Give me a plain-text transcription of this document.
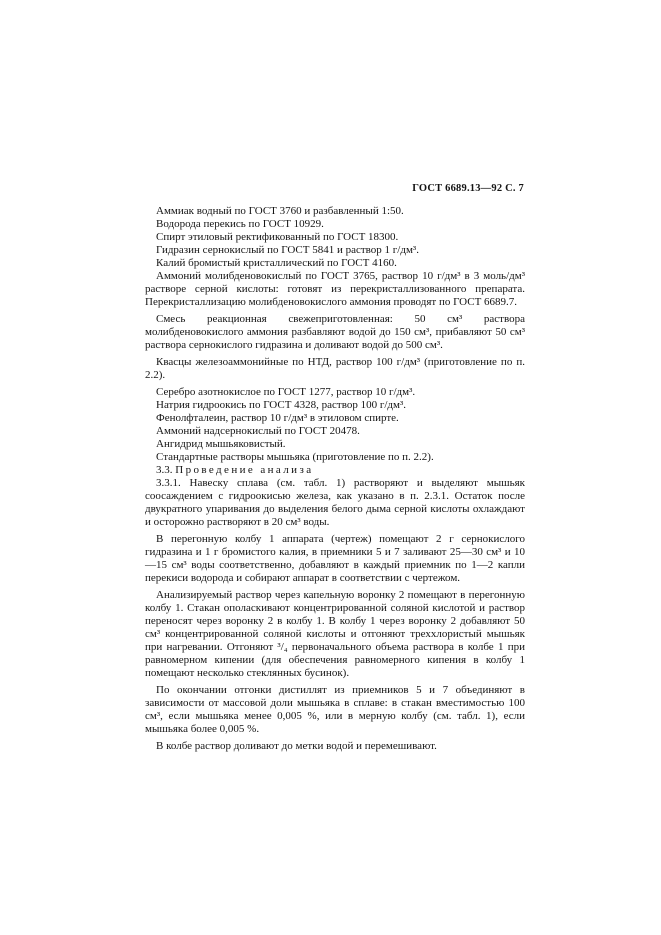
ГОСТ 6689.13—92 С. 7

Аммиак водный по ГОСТ 3760 и разбавленный 1:50.

Водорода перекись по ГОСТ 10929.

Спирт этиловый ректификованный по ГОСТ 18300.

Гидразин сернокислый по ГОСТ 5841 и раствор 1 г/дм³.

Калий бромистый кристаллический по ГОСТ 4160.

Аммоний молибденовокислый по ГОСТ 3765, раствор 10 г/дм³ в 3 моль/дм³ растворе серной кислоты: готовят из перекристаллизованного препарата. Перекристаллизацию молибденовокислого аммония проводят по ГОСТ 6689.7.

Смесь реакционная свежеприготовленная: 50 см³ раствора молибденовокислого аммония разбавляют водой до 150 см³, прибавляют 50 см³ раствора сернокислого гидразина и доливают водой до 500 см³.

Квасцы железоаммонийные по НТД, раствор 100 г/дм³ (приготовление по п. 2.2).

Серебро азотнокислое по ГОСТ 1277, раствор 10 г/дм³.

Натрия гидроокись по ГОСТ 4328, раствор 100 г/дм³.

Фенолфталеин, раствор 10 г/дм³ в этиловом спирте.

Аммоний надсернокислый по ГОСТ 20478.

Ангидрид мышьяковистый.

Стандартные растворы мышьяка (приготовление по п. 2.2).

3.3. Проведение анализа

3.3.1. Навеску сплава (см. табл. 1) растворяют и выделяют мышьяк соосаждением с гидроокисью железа, как указано в п. 2.3.1. Остаток после двукратного упаривания до выделения белого дыма серной кислоты охлаждают и осторожно растворяют в 20 см³ воды.

В перегонную колбу 1 аппарата (чертеж) помещают 2 г сернокислого гидразина и 1 г бромистого калия, в приемники 5 и 7 заливают 25—30 см³ и 10—15 см³ воды соответственно, добавляют в каждый приемник по 1—2 капли перекиси водорода и собирают аппарат в соответствии с чертежом.

Анализируемый раствор через капельную воронку 2 помещают в перегонную колбу 1. Стакан ополаскивают концентрированной соляной кислотой и раствор переносят через воронку 2 в колбу 1. В колбу 1 через воронку 2 добавляют 50 см³ концентрированной соляной кислоты и отгоняют треххлористый мышьяк при нагревании. Отгоняют ³/₄ первоначального объема раствора в колбе 1 при равномерном кипении (для обеспечения равномерного кипения в колбу 1 помещают несколько стеклянных бусинок).

По окончании отгонки дистиллят из приемников 5 и 7 объединяют в зависимости от массовой доли мышьяка в сплаве: в стакан вместимостью 100 см³, если мышьяка менее 0,005 %, или в мерную колбу (см. табл. 1), если мышьяка более 0,005 %.

В колбе раствор доливают до метки водой и перемешивают.
